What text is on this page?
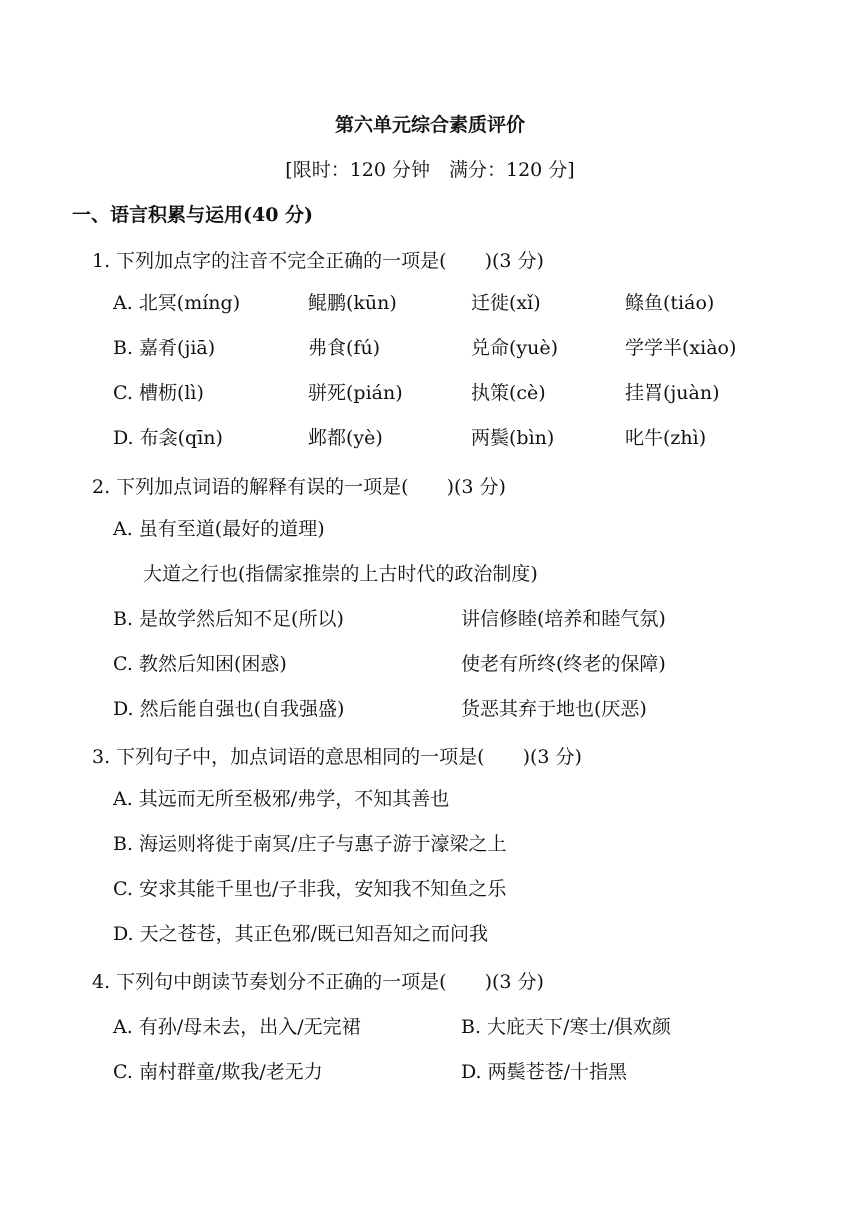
第六单元综合素质评价
[限时：120 分钟　满分：120 分]
一、语言积累与运用(40 分)
1. 下列加点字的注音不完全正确的一项是(　　)(3 分)
A. 北冥(míng)	鲲鹏(kūn)	迁徙(xǐ)	鲦鱼(tiáo)
B. 嘉肴(jiā)	弗食(fú)	兑命(yuè)	学学半(xiào)
C. 槽枥(lì)	骈死(pián)	执策(cè)	挂罥(juàn)
D. 布衾(qīn)	邺都(yè)	两鬓(bìn)	叱牛(zhì)
2. 下列加点词语的解释有误的一项是(　　)(3 分)
A. 虽有至道(最好的道理)
大道之行也(指儒家推崇的上古时代的政治制度)
B. 是故学然后知不足(所以)	讲信修睦(培养和睦气氛)
C. 教然后知困(困惑)	使老有所终(终老的保障)
D. 然后能自强也(自我强盛)	货恶其弃于地也(厌恶)
3. 下列句子中，加点词语的意思相同的一项是(　　)(3 分)
A. 其远而无所至极邪/弗学，不知其善也
B. 海运则将徙于南冥/庄子与惠子游于濠梁之上
C. 安求其能千里也/子非我，安知我不知鱼之乐
D. 天之苍苍，其正色邪/既已知吾知之而问我
4. 下列句中朗读节奏划分不正确的一项是(　　)(3 分)
A. 有孙/母未去，出入/无完裙	B. 大庇天下/寒士/俱欢颜
C. 南村群童/欺我/老无力	D. 两鬓苍苍/十指黑
